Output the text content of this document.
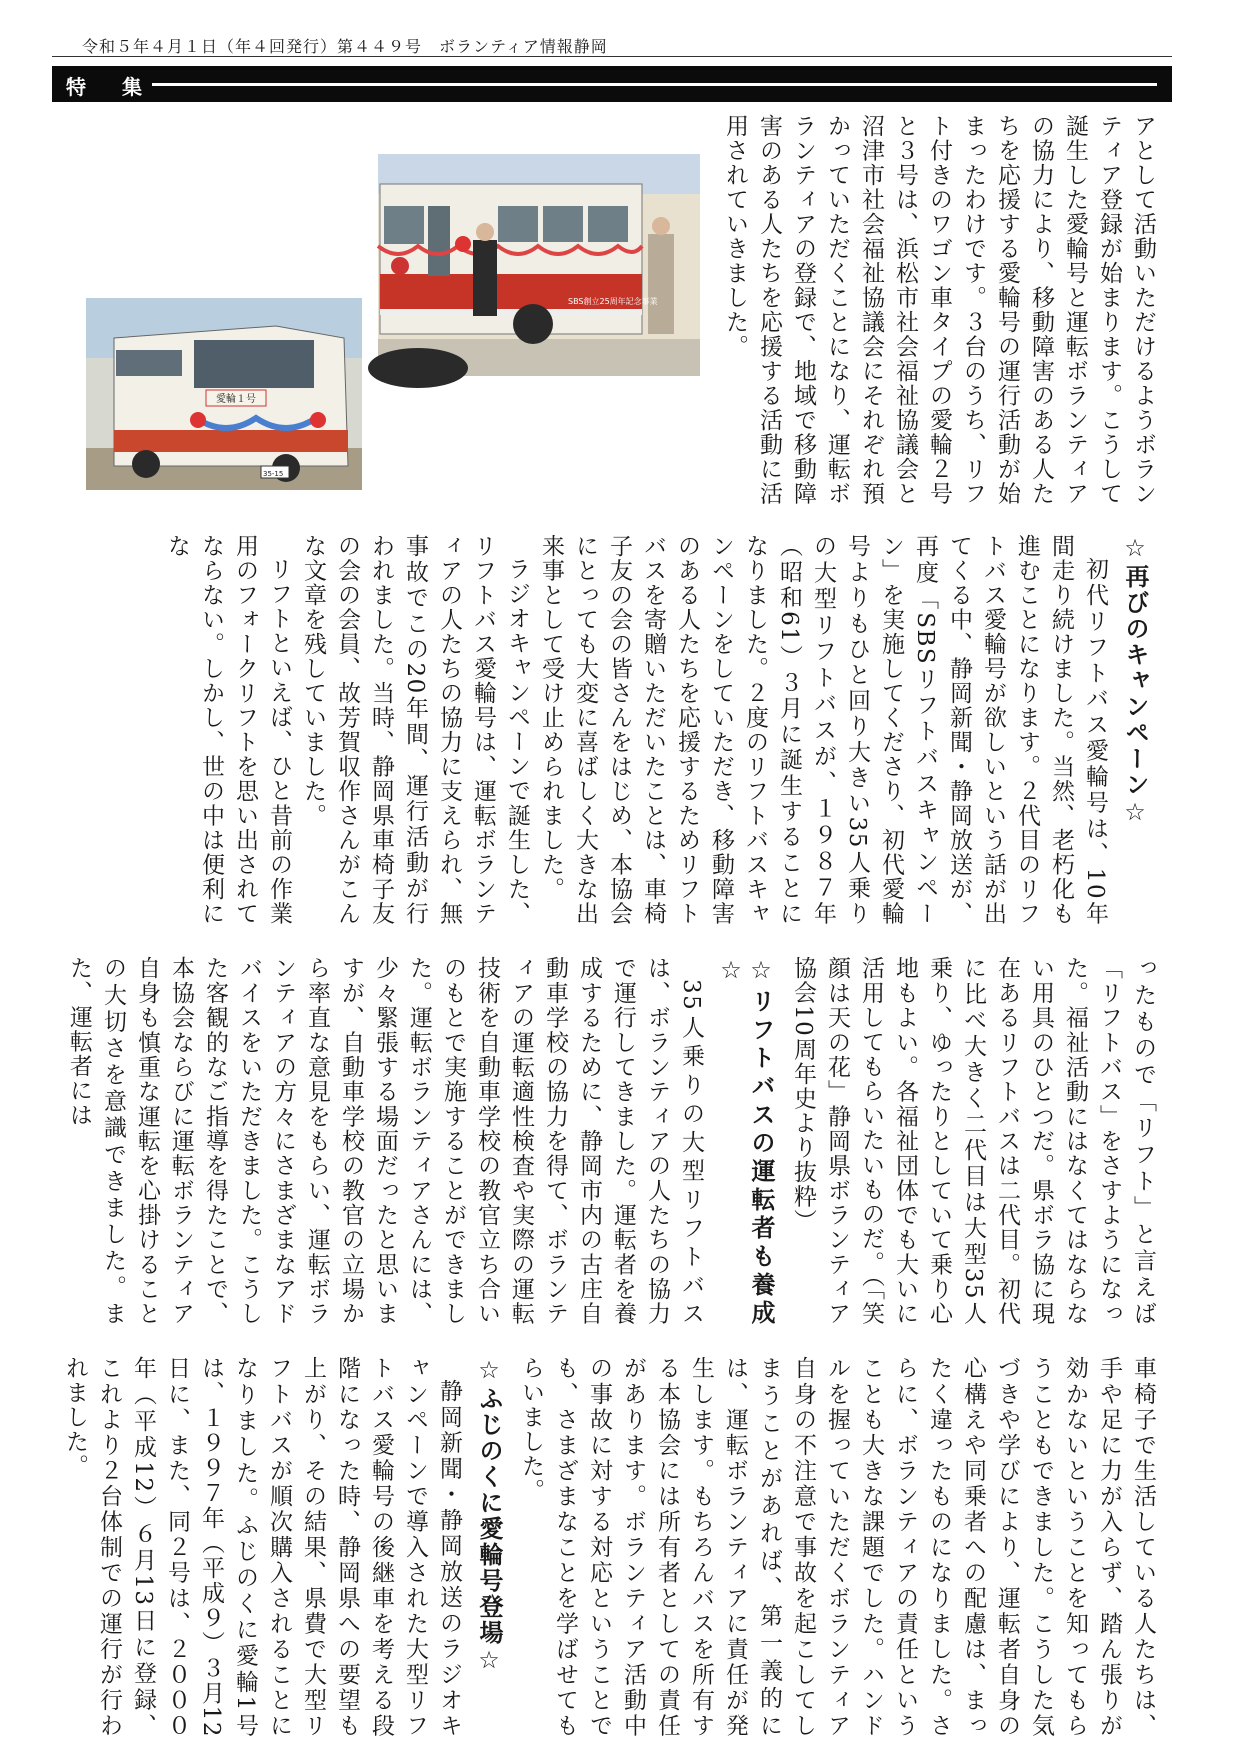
令和５年４月１日（年４回発行）第４４９号　ボランティア情報静岡
特　集
SBS創立25周年記念事業
愛輪１号
35-15	アとして活動いただけるようボランティア登録が始まります。こうして誕生した愛輪号と運転ボランティアの協力により、移動障害のある人たちを応援する愛輪号の運行活動が始まったわけです。３台のうち、リフト付きのワゴン車タイプの愛輪２号と３号は、浜松市社会福祉協議会と沼津市社会福祉協議会にそれぞれ預かっていただくことになり、運転ボランティアの登録で、地域で移動障害のある人たちを応援する活動に活用されていきました。

☆再びのキャンペーン☆

初代リフトバス愛輪号は、10年間走り続けました。当然、老朽化も進むことになります。２代目のリフトバス愛輪号が欲しいという話が出てくる中、静岡新聞・静岡放送が、再度「SBSリフトバスキャンペーン」を実施してくださり、初代愛輪号よりもひと回り大きい35人乗りの大型リフトバスが、１９８７年（昭和61）３月に誕生することになりました。２度のリフトバスキャンペーンをしていただき、移動障害のある人たちを応援するためリフトバスを寄贈いただいたことは、車椅子友の会の皆さんをはじめ、本協会にとっても大変に喜ばしく大きな出来事として受け止められました。

ラジオキャンペーンで誕生した、リフトバス愛輪号は、運転ボランティアの人たちの協力に支えられ、無事故でこの20年間、運行活動が行われました。当時、静岡県車椅子友の会の会員、故芳賀収作さんがこんな文章を残していました。

リフトといえば、ひと昔前の作業用のフォークリフトを思い出されてならない。しかし、世の中は便利にな

ったもので「リフト」と言えば「リフトバス」をさすようになった。福祉活動にはなくてはならない用具のひとつだ。県ボラ協に現在あるリフトバスは二代目。初代に比べ大きく二代目は大型35人乗り、ゆったりとしていて乗り心地もよい。各福祉団体でも大いに活用してもらいたいものだ。（「笑顔は天の花」静岡県ボランティア協会10周年史より抜粋）

☆リフトバスの運転者も養成☆

35人乗りの大型リフトバスは、ボランティアの人たちの協力で運行してきました。運転者を養成するために、静岡市内の古庄自動車学校の協力を得て、ボランティアの運転適性検査や実際の運転技術を自動車学校の教官立ち合いのもとで実施することができました。運転ボランティアさんには、少々緊張する場面だったと思いますが、自動車学校の教官の立場から率直な意見をもらい、運転ボランティアの方々にさまざまなアドバイスをいただきました。こうした客観的なご指導を得たことで、本協会ならびに運転ボランティア自身も慎重な運転を心掛けることの大切さを意識できました。また、運転者には

車椅子で生活している人たちは、手や足に力が入らず、踏ん張りが効かないということを知ってもらうこともできました。こうした気づきや学びにより、運転者自身の心構えや同乗者への配慮は、まったく違ったものになりました。さらに、ボランティアの責任ということも大きな課題でした。ハンドルを握っていただくボランティア自身の不注意で事故を起こしてしまうことがあれば、第一義的には、運転ボランティアに責任が発生します。もちろんバスを所有する本協会には所有者としての責任があります。ボランティア活動中の事故に対する対応ということでも、さまざまなことを学ばせてもらいました。

☆ふじのくに愛輪号登場☆

静岡新聞・静岡放送のラジオキャンペーンで導入された大型リフトバス愛輪号の後継車を考える段階になった時、静岡県への要望も上がり、その結果、県費で大型リフトバスが順次購入されることになりました。ふじのくに愛輪1号は、１９９７年（平成９）３月12日に、また、同２号は、２０００年（平成12）６月13日に登録、これより２台体制での運行が行われました。
